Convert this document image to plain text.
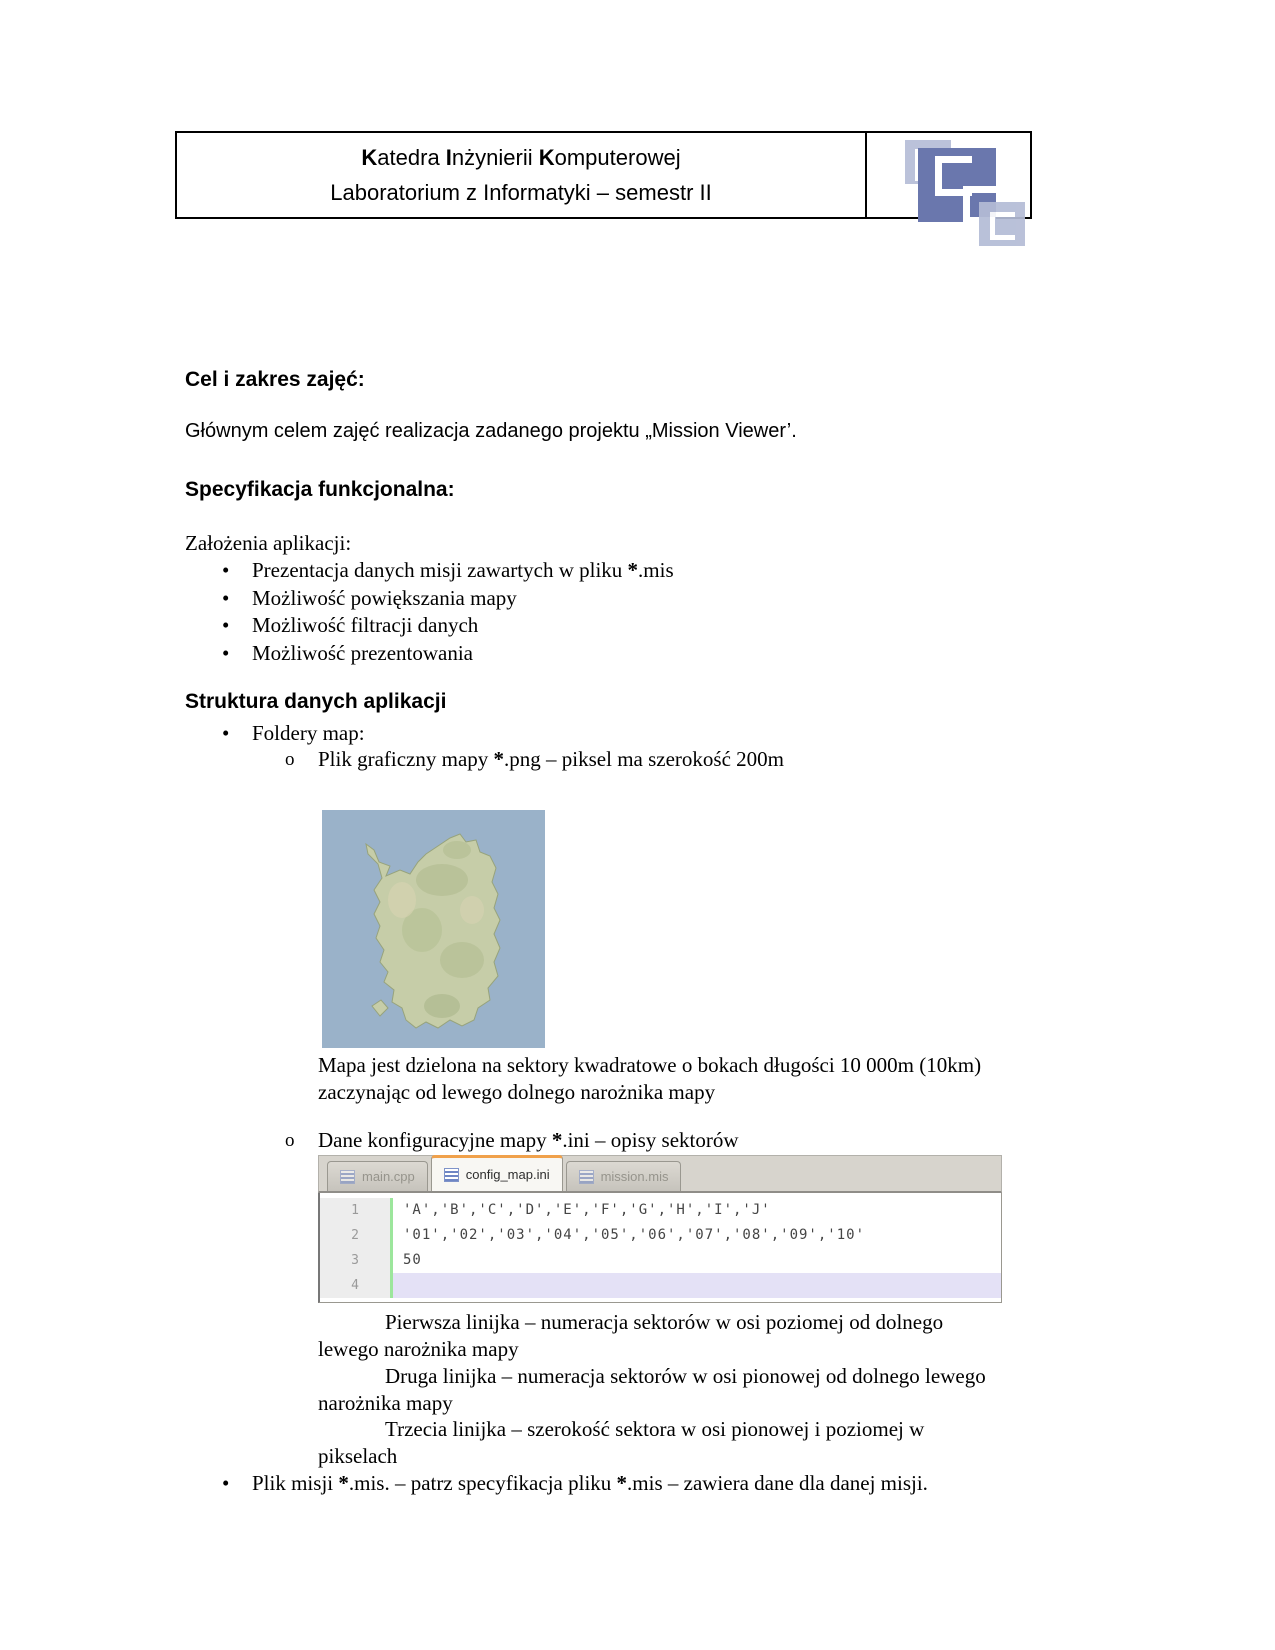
Katedra Inżynierii Komputerowej
Laboratorium z Informatyki – semestr II
Cel i zakres zajęć:
Głównym celem zajęć realizacja zadanego projektu „Mission Viewer’.
Specyfikacja funkcjonalna:
Założenia aplikacji:
• Prezentacja danych misji zawartych w pliku *.mis
• Możliwość powiększania mapy
• Możliwość filtracji danych
• Możliwość prezentowania
Struktura danych aplikacji
• Foldery map:
o Plik graficzny mapy *.png – piksel ma szerokość 200m
Mapa jest dzielona na sektory kwadratowe o bokach długości 10 000m (10km)
zaczynając od lewego dolnego narożnika mapy
o Dane konfiguracyjne mapy *.ini – opisy sektorów
main.cpp	config_map.ini	mission.mis
1	'A','B','C','D','E','F','G','H','I','J'
2	'01','02','03','04','05','06','07','08','09','10'
3	50
4
Pierwsza linijka – numeracja sektorów w osi poziomej od dolnego
lewego narożnika mapy
Druga linijka – numeracja sektorów w osi pionowej od dolnego lewego
narożnika mapy
Trzecia linijka – szerokość sektora w osi pionowej i poziomej w
pikselach
• Plik misji *.mis. – patrz specyfikacja pliku *.mis – zawiera dane dla danej misji.
